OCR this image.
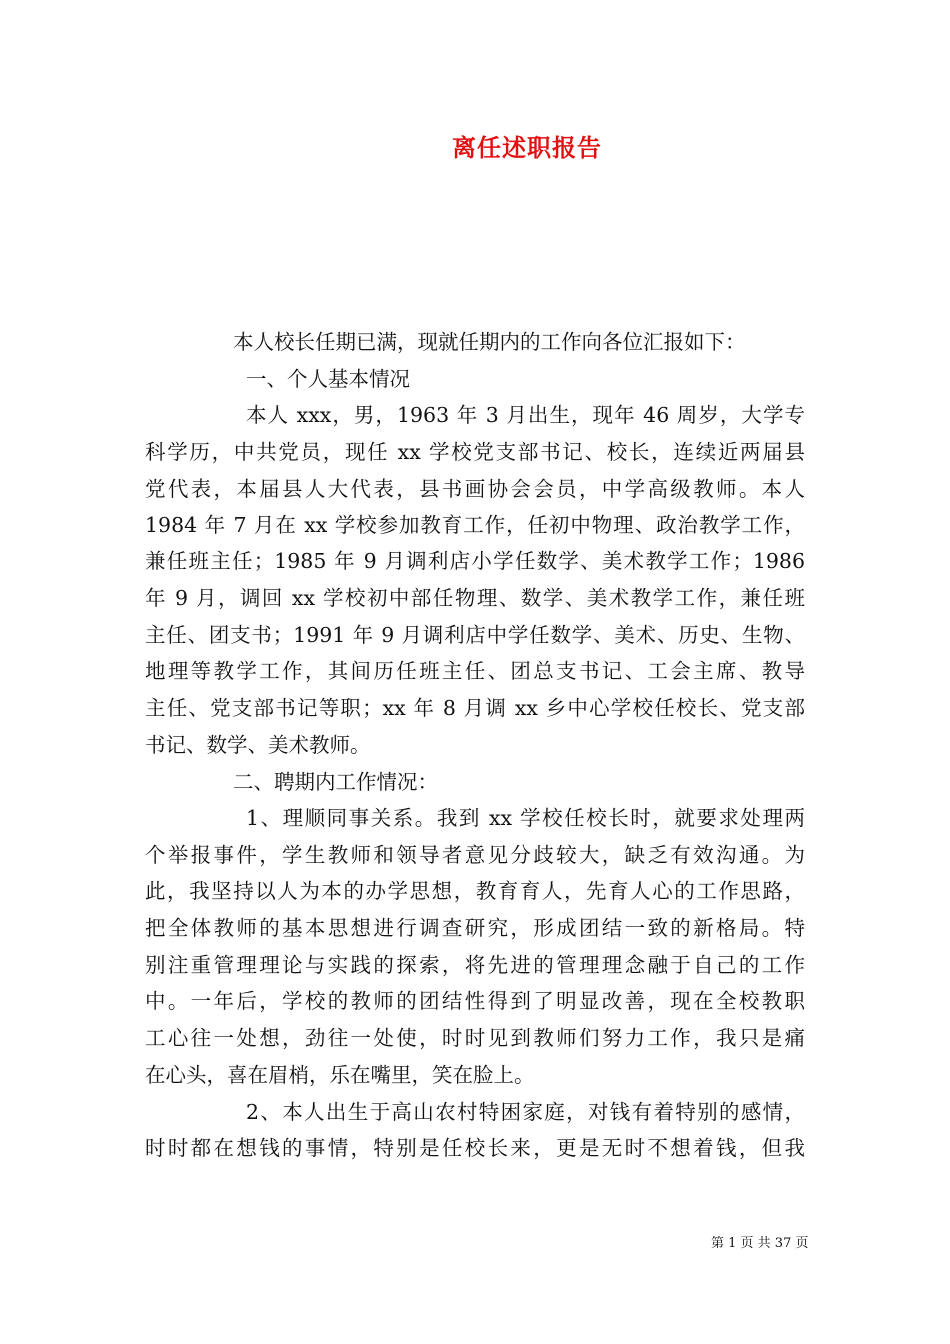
离任述职报告
本人校长任期已满，现就任期内的工作向各位汇报如下：
一、个人基本情况
本人 xxx，男，1963 年 3 月出生，现年 46 周岁，大学专
科学历，中共党员，现任 xx 学校党支部书记、校长，连续近两届县
党代表，本届县人大代表，县书画协会会员，中学高级教师。本人
1984 年 7 月在 xx 学校参加教育工作，任初中物理、政治教学工作，
兼任班主任；1985 年 9 月调利店小学任数学、美术教学工作；1986
年 9 月，调回 xx 学校初中部任物理、数学、美术教学工作，兼任班
主任、团支书；1991 年 9 月调利店中学任数学、美术、历史、生物、
地理等教学工作，其间历任班主任、团总支书记、工会主席、教导
主任、党支部书记等职；xx 年 8 月调 xx 乡中心学校任校长、党支部
书记、数学、美术教师。
二、聘期内工作情况：
1、理顺同事关系。我到 xx 学校任校长时，就要求处理两
个举报事件，学生教师和领导者意见分歧较大，缺乏有效沟通。为
此，我坚持以人为本的办学思想，教育育人，先育人心的工作思路，
把全体教师的基本思想进行调查研究，形成团结一致的新格局。特
别注重管理理论与实践的探索，将先进的管理理念融于自己的工作
中。一年后，学校的教师的团结性得到了明显改善，现在全校教职
工心往一处想，劲往一处使，时时见到教师们努力工作，我只是痛
在心头，喜在眉梢，乐在嘴里，笑在脸上。
2、本人出生于高山农村特困家庭，对钱有着特别的感情，
时时都在想钱的事情，特别是任校长来，更是无时不想着钱，但我
第 1 页 共 37 页
